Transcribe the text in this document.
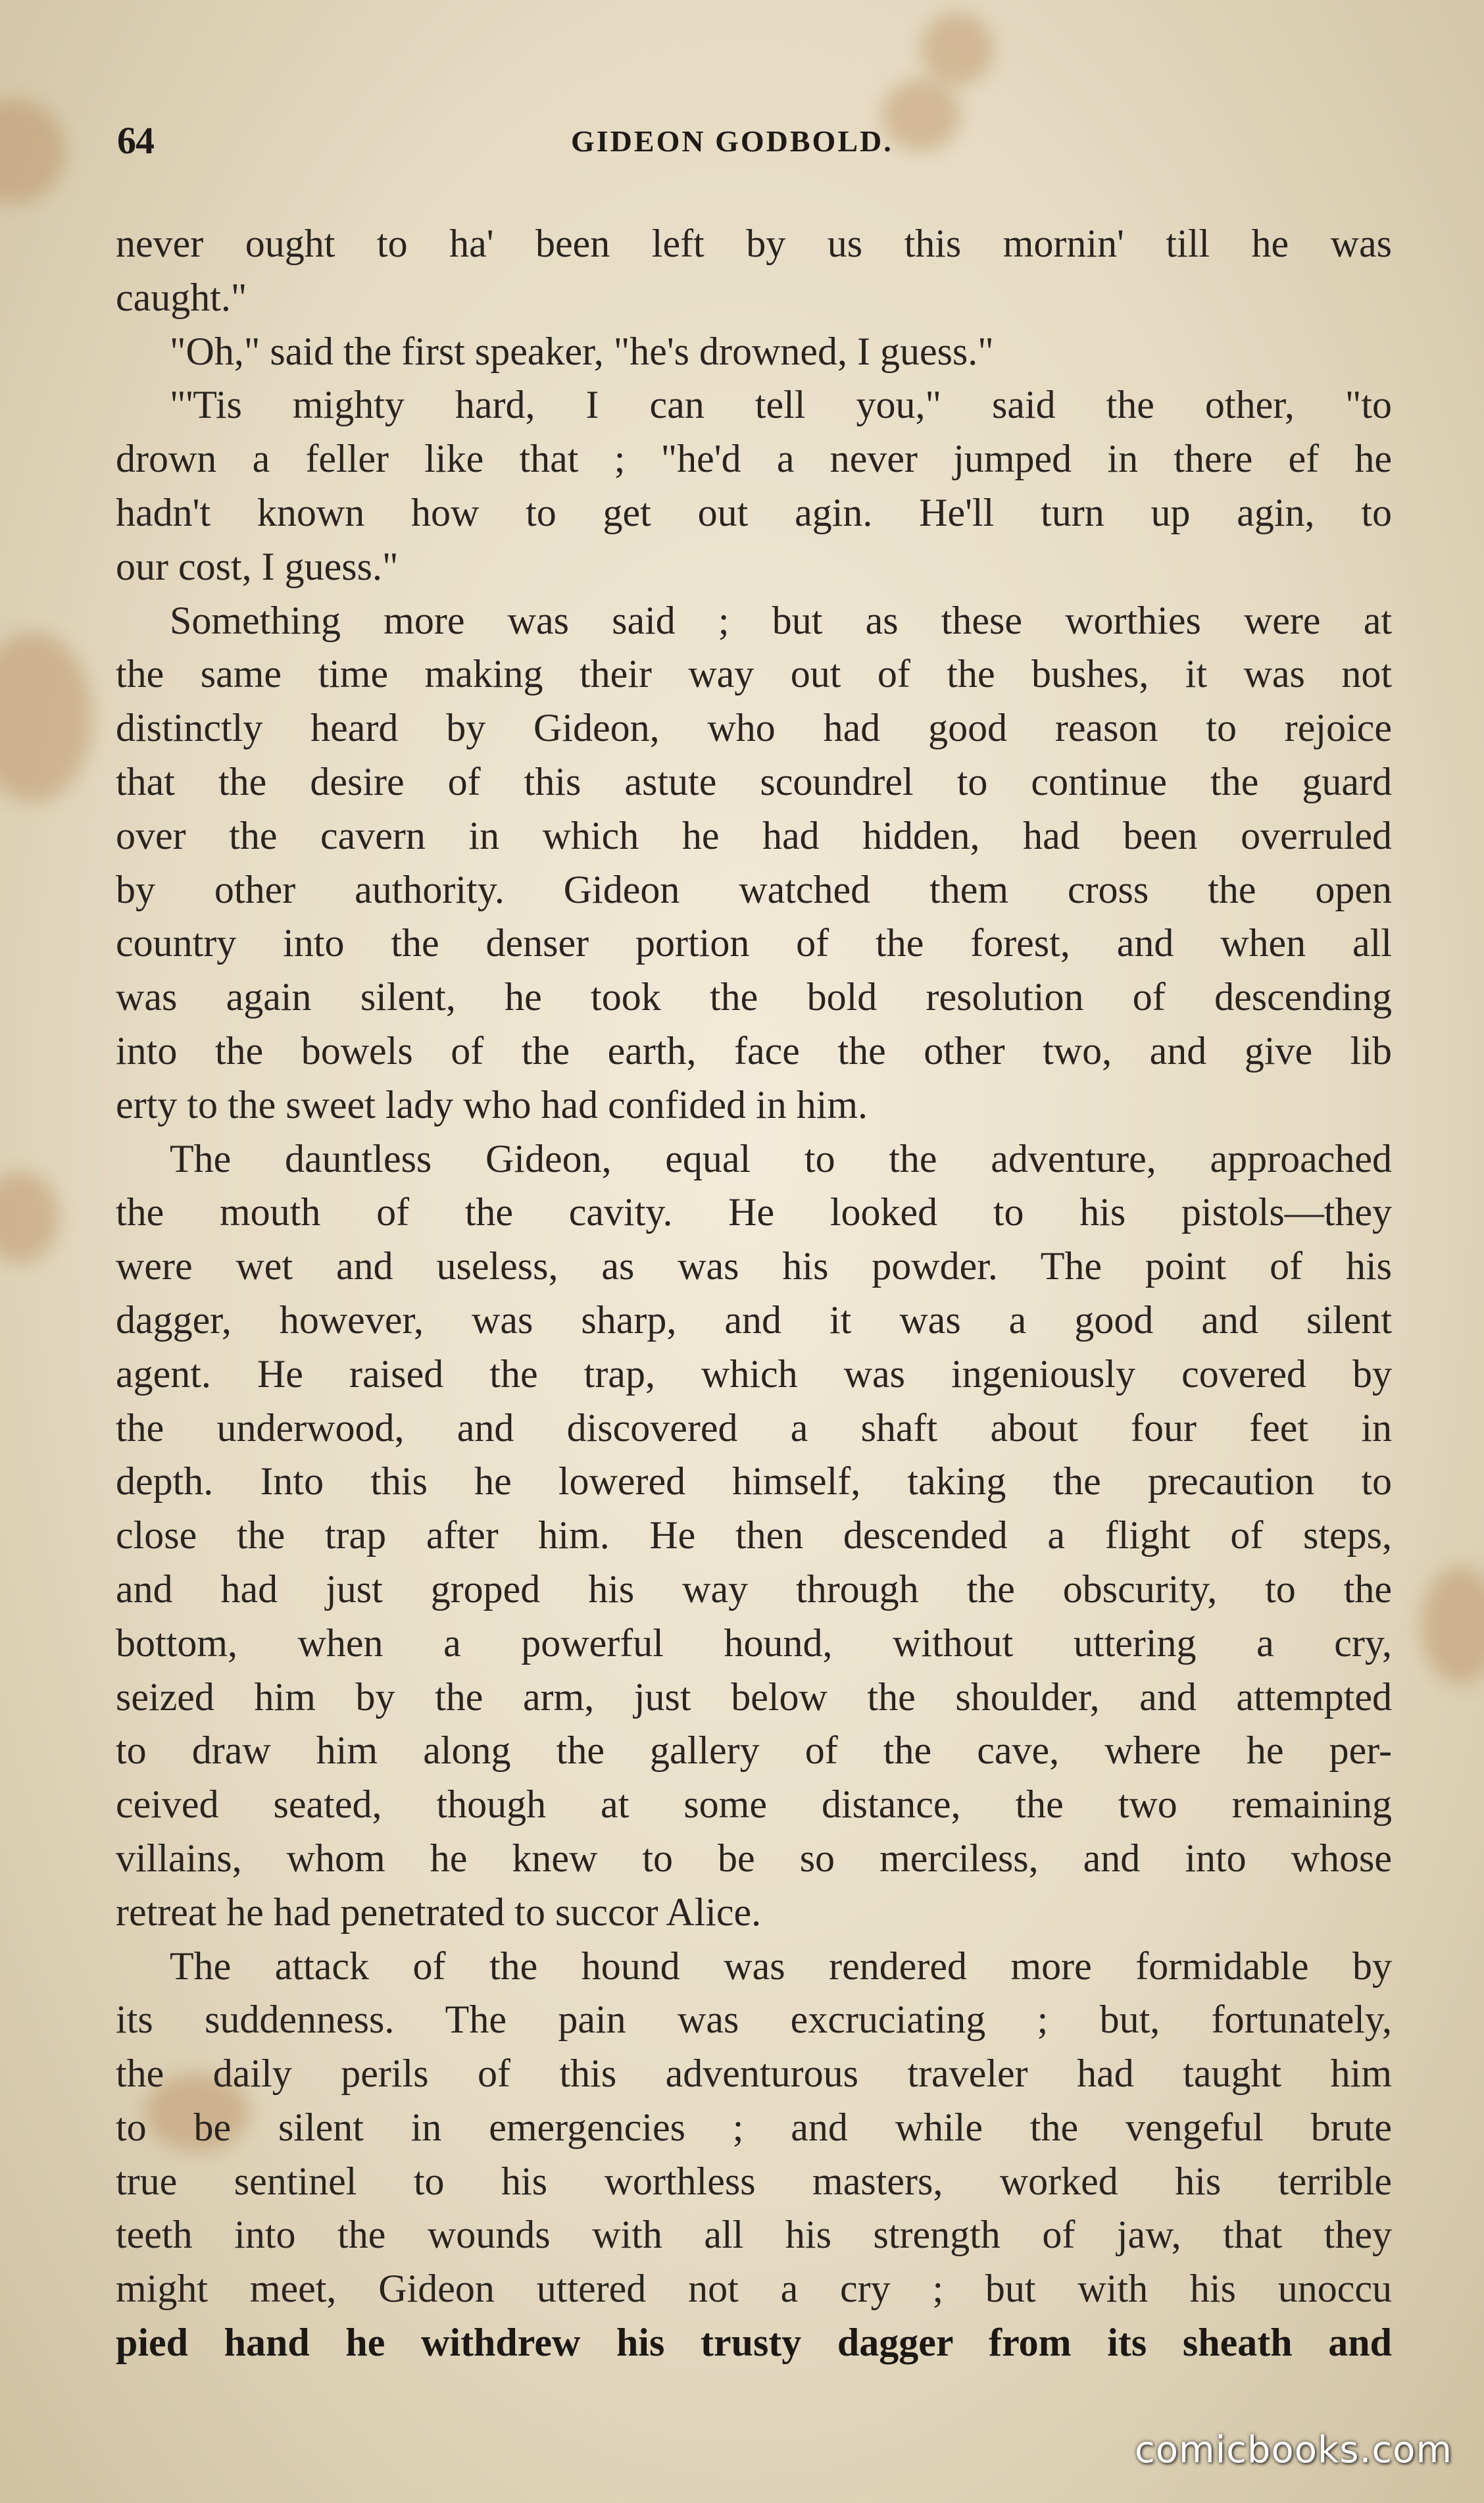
64	GIDEON GODBOLD.
never ought to ha' been left by us this mornin' till he was
caught."
"Oh," said the first speaker, "he's drowned, I guess."
"'Tis mighty hard, I can tell you," said the other, "to
drown a feller like that ; "he'd a never jumped in there ef he
hadn't known how to get out agin. He'll turn up agin, to
our cost, I guess."
Something more was said ; but as these worthies were at
the same time making their way out of the bushes, it was not
distinctly heard by Gideon, who had good reason to rejoice
that the desire of this astute scoundrel to continue the guard
over the cavern in which he had hidden, had been overruled
by other authority. Gideon watched them cross the open
country into the denser portion of the forest, and when all
was again silent, he took the bold resolution of descending
into the bowels of the earth, face the other two, and give lib
erty to the sweet lady who had confided in him.
The dauntless Gideon, equal to the adventure, approached
the mouth of the cavity. He looked to his pistols—they
were wet and useless, as was his powder. The point of his
dagger, however, was sharp, and it was a good and silent
agent. He raised the trap, which was ingeniously covered by
the underwood, and discovered a shaft about four feet in
depth. Into this he lowered himself, taking the precaution to
close the trap after him. He then descended a flight of steps,
and had just groped his way through the obscurity, to the
bottom, when a powerful hound, without uttering a cry,
seized him by the arm, just below the shoulder, and attempted
to draw him along the gallery of the cave, where he per-
ceived seated, though at some distance, the two remaining
villains, whom he knew to be so merciless, and into whose
retreat he had penetrated to succor Alice.
The attack of the hound was rendered more formidable by
its suddenness. The pain was excruciating ; but, fortunately,
the daily perils of this adventurous traveler had taught him
to be silent in emergencies ; and while the vengeful brute
true sentinel to his worthless masters, worked his terrible
teeth into the wounds with all his strength of jaw, that they
might meet, Gideon uttered not a cry ; but with his unoccu
pied hand he withdrew his trusty dagger from its sheath and
comicbooks.com
